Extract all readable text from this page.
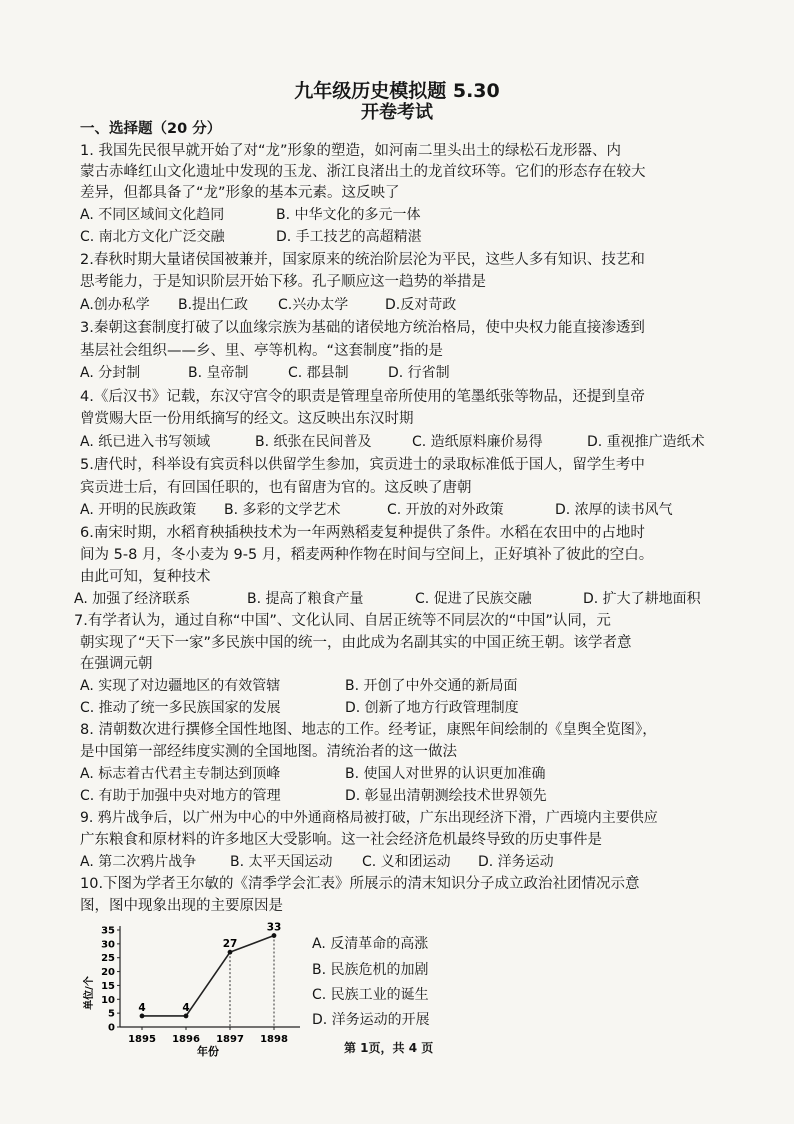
九年级历史模拟题 5.30
开卷考试
一、选择题（20 分）
1. 我国先民很早就开始了对“龙”形象的塑造，如河南二里头出土的绿松石龙形器、内
蒙古赤峰红山文化遗址中发现的玉龙、浙江良渚出土的龙首纹环等。它们的形态存在较大
差异，但都具备了“龙”形象的基本元素。这反映了
A. 不同区域间文化趋同	B. 中华文化的多元一体
C. 南北方文化广泛交融	D. 手工技艺的高超精湛
2.春秋时期大量诸侯国被兼并，国家原来的统治阶层沦为平民，这些人多有知识、技艺和
思考能力，于是知识阶层开始下移。孔子顺应这一趋势的举措是
A.创办私学 B.提出仁政 C.兴办太学	D.反对苛政
3.秦朝这套制度打破了以血缘宗族为基础的诸侯地方统治格局，使中央权力能直接渗透到
基层社会组织——乡、里、亭等机构。“这套制度”指的是
A. 分封制	B. 皇帝制	C. 郡县制	D. 行省制
4.《后汉书》记载，东汉守宫令的职责是管理皇帝所使用的笔墨纸张等物品，还提到皇帝
曾赏赐大臣一份用纸摘写的经文。这反映出东汉时期
A. 纸已进入书写领域	B. 纸张在民间普及	C. 造纸原料廉价易得	D. 重视推广造纸术
5.唐代时，科举设有宾贡科以供留学生参加，宾贡进士的录取标准低于国人，留学生考中
宾贡进士后，有回国任职的，也有留唐为官的。这反映了唐朝
A. 开明的民族政策 B. 多彩的文学艺术	C. 开放的对外政策	D. 浓厚的读书风气
6.南宋时期，水稻育秧插秧技术为一年两熟稻麦复种提供了条件。水稻在农田中的占地时
间为 5-8 月，冬小麦为 9-5 月，稻麦两种作物在时间与空间上，正好填补了彼此的空白。
由此可知，复种技术
A. 加强了经济联系	B. 提高了粮食产量	C. 促进了民族交融	D. 扩大了耕地面积
7.有学者认为，通过自称“中国”、文化认同、自居正统等不同层次的“中国”认同，元
朝实现了“天下一家”多民族中国的统一，由此成为名副其实的中国正统王朝。该学者意
在强调元朝
A. 实现了对边疆地区的有效管辖	B. 开创了中外交通的新局面
C. 推动了统一多民族国家的发展	D. 创新了地方行政管理制度
8. 清朝数次进行撰修全国性地图、地志的工作。经考证，康熙年间绘制的《皇舆全览图》，
是中国第一部经纬度实测的全国地图。清统治者的这一做法
A. 标志着古代君主专制达到顶峰	B. 使国人对世界的认识更加准确
C. 有助于加强中央对地方的管理	D. 彰显出清朝测绘技术世界领先
9. 鸦片战争后，以广州为中心的中外通商格局被打破，广东出现经济下滑，广西境内主要供应
广东粮食和原材料的许多地区大受影响。这一社会经济危机最终导致的历史事件是
A. 第二次鸦片战争 B. 太平天国运动 C. 义和团运动 D. 洋务运动
10.下图为学者王尔敏的《清季学会汇表》所展示的清末知识分子成立政治社团情况示意
图，图中现象出现的主要原因是
A. 反清革命的高涨
B. 民族危机的加剧
C. 民族工业的诞生
D. 洋务运动的开展
0
5
10
15
20
25
30
35
1895 1896 1897 1898
4	4
27
33
单位/个
年份	第 1页，共 4 页
